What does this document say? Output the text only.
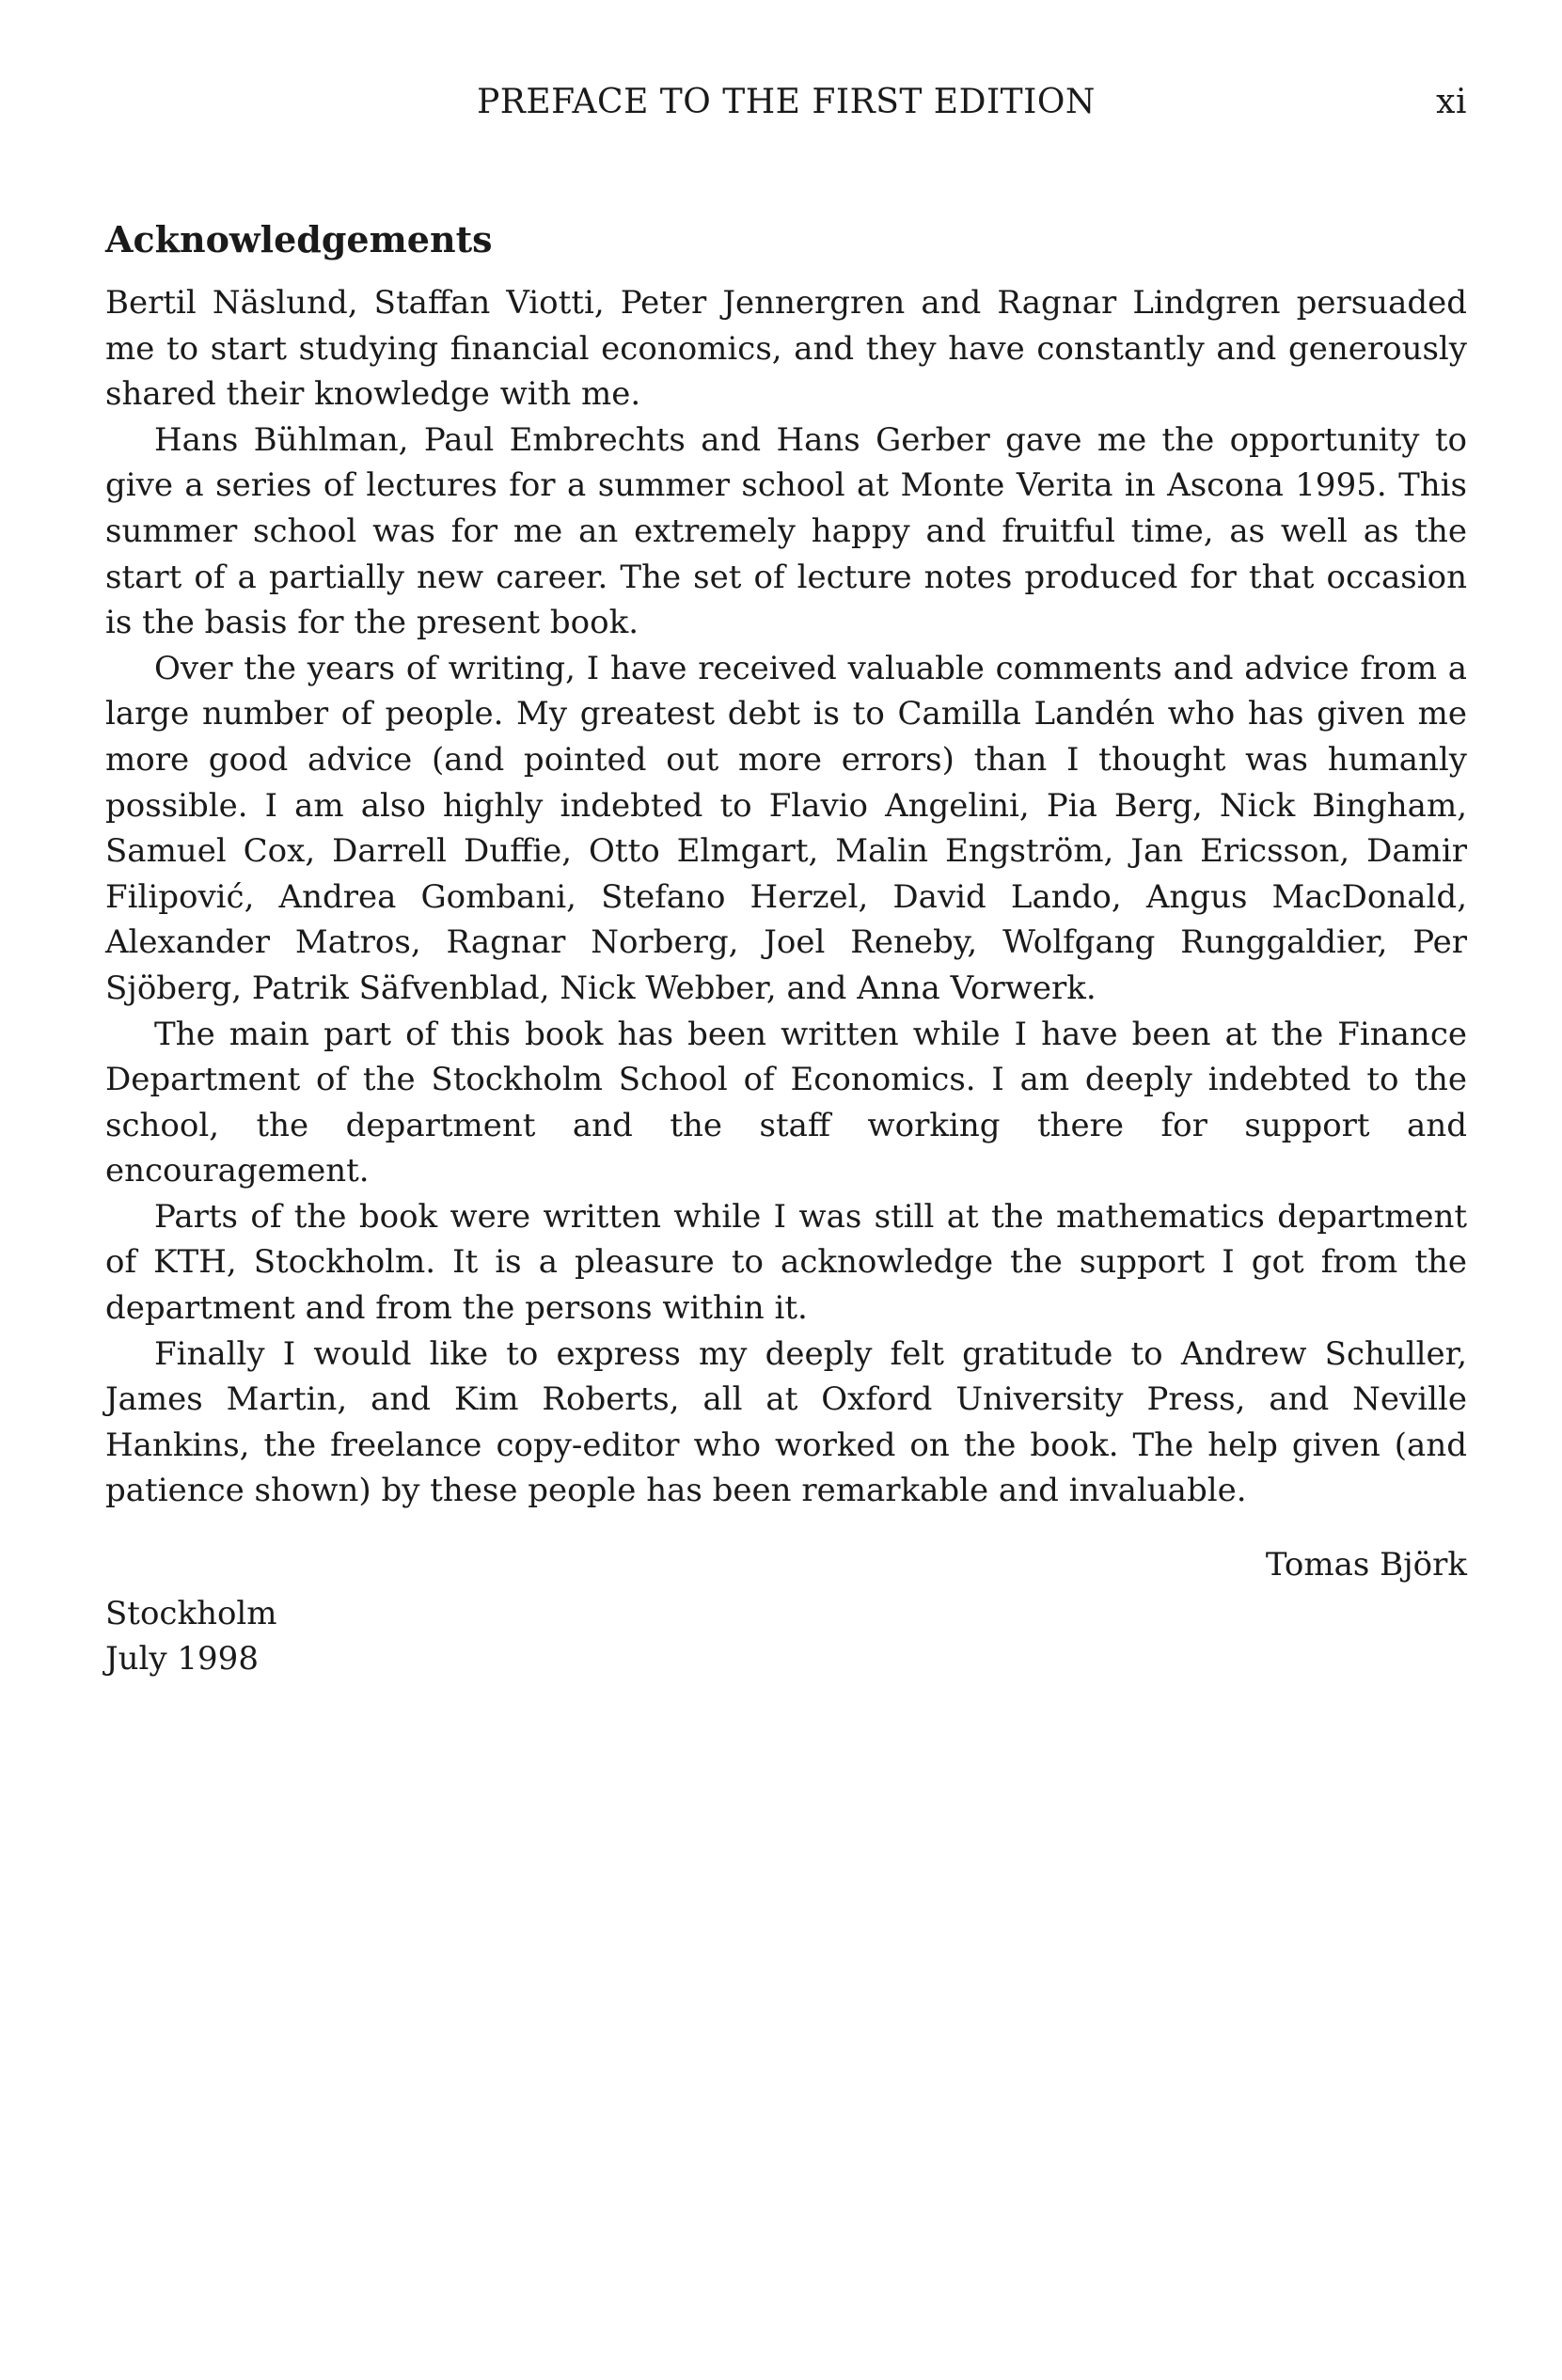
PREFACE TO THE FIRST EDITION	xi
Acknowledgements

Bertil Näslund, Staffan Viotti, Peter Jennergren and Ragnar Lindgren persuaded me to start studying financial economics, and they have constantly and generously shared their knowledge with me.

Hans Bühlman, Paul Embrechts and Hans Gerber gave me the opportunity to give a series of lectures for a summer school at Monte Verita in Ascona 1995. This summer school was for me an extremely happy and fruitful time, as well as the start of a partially new career. The set of lecture notes produced for that occasion is the basis for the present book.

Over the years of writing, I have received valuable comments and advice from a large number of people. My greatest debt is to Camilla Landén who has given me more good advice (and pointed out more errors) than I thought was humanly possible. I am also highly indebted to Flavio Angelini, Pia Berg, Nick Bingham, Samuel Cox, Darrell Duffie, Otto Elmgart, Malin Engström, Jan Ericsson, Damir Filipović, Andrea Gombani, Stefano Herzel, David Lando, Angus MacDonald, Alexander Matros, Ragnar Norberg, Joel Reneby, Wolfgang Runggaldier, Per Sjöberg, Patrik Säfvenblad, Nick Webber, and Anna Vorwerk.

The main part of this book has been written while I have been at the Finance Department of the Stockholm School of Economics. I am deeply indebted to the school, the department and the staff working there for support and encouragement.

Parts of the book were written while I was still at the mathematics department of KTH, Stockholm. It is a pleasure to acknowledge the support I got from the department and from the persons within it.

Finally I would like to express my deeply felt gratitude to Andrew Schuller, James Martin, and Kim Roberts, all at Oxford University Press, and Neville Hankins, the freelance copy-editor who worked on the book. The help given (and patience shown) by these people has been remarkable and invaluable.

Tomas Björk
Stockholm
July 1998
